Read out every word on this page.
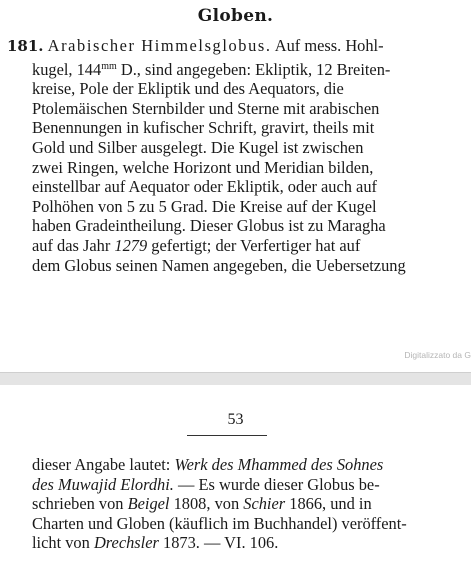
Globen.
181. Arabischer Himmelsglobus. Auf mess. Hohl-
kugel, $144^{mm}$ D., sind angegeben: Ekliptik, 12 Breiten-
kreise, Pole der Ekliptik und des Aequators, die
Ptolemäischen Sternbilder und Sterne mit arabischen
Benennungen in kufischer Schrift, gravirt, theils mit
Gold und Silber ausgelegt. Die Kugel ist zwischen
zwei Ringen, welche Horizont und Meridian bilden,
einstellbar auf Aequator oder Ekliptik, oder auch auf
Polhöhen von 5 zu 5 Grad. Die Kreise auf der Kugel
haben Gradeintheilung. Dieser Globus ist zu Maragha
auf das Jahr 1279 gefertigt; der Verfertiger hat auf
dem Globus seinen Namen angegeben, die Uebersetzung
Digitalizzato da G
53
dieser Angabe lautet: Werk des Mhammed des Sohnes
des Muwajid Elordhi. — Es wurde dieser Globus be-
schrieben von Beigel 1808, von Schier 1866, und in
Charten und Globen (käuflich im Buchhandel) veröffent-
licht von Drechsler 1873. — VI. 106.
